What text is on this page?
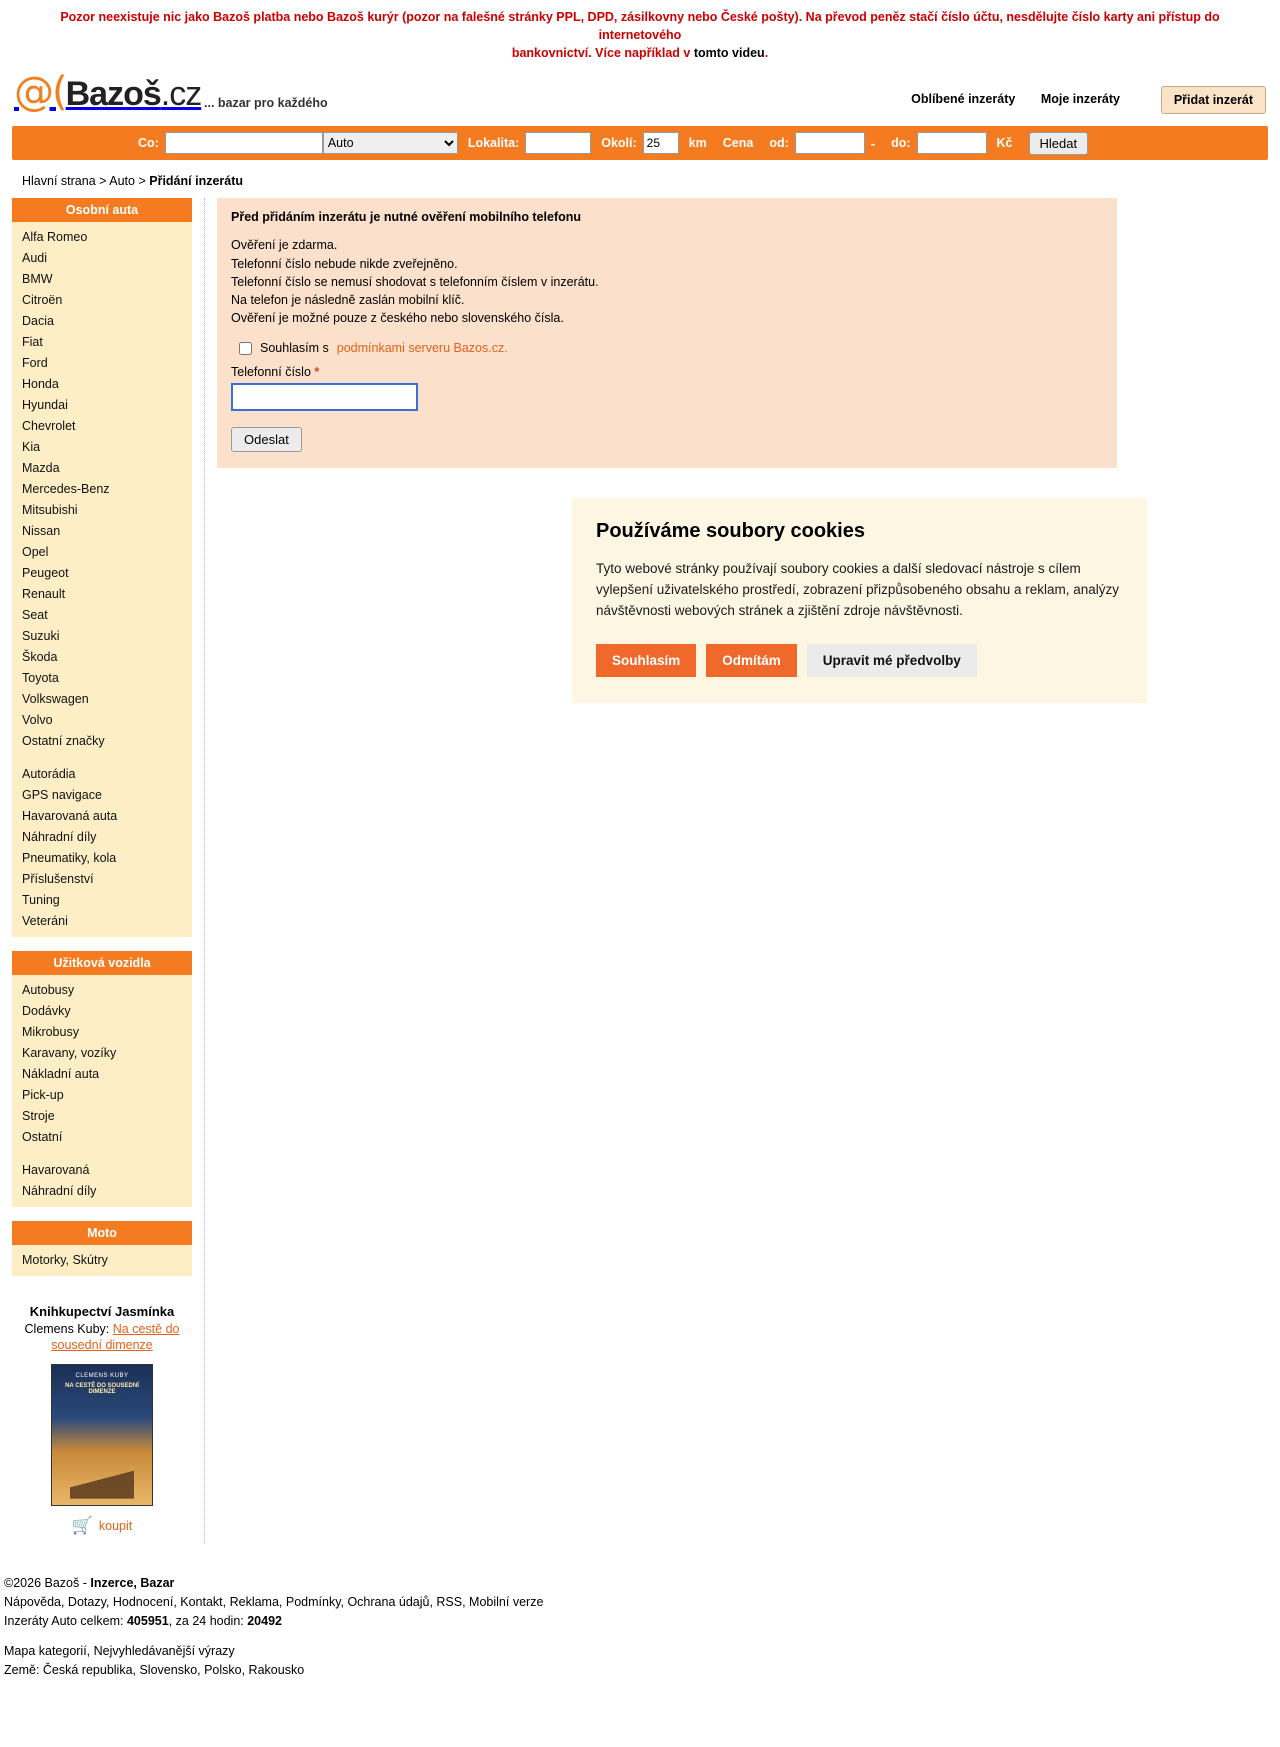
Pozor neexistuje nic jako Bazoš platba nebo Bazoš kurýr (pozor na falešné stránky PPL, DPD, zásilkovny nebo České pošty). Na převod peněz stačí číslo účtu, nesdělujte číslo karty ani přístup do internetového
bankovnictví. Více například v tomto videu.
@( Bazoš.cz ... bazar pro každého	Oblíbené inzeráty Moje inzeráty	Přidat inzerát
Co:
Auto	Lokalita:	Okolí:
25	km Cena od:	- do:	Kč	Hledat
Hlavní strana > Auto > Přidání inzerátu
Osobní auta
Alfa Romeo
Audi
BMW
Citroën
Dacia
Fiat
Ford
Honda
Hyundai
Chevrolet
Kia
Mazda
Mercedes-Benz
Mitsubishi
Nissan
Opel
Peugeot
Renault
Seat
Suzuki
Škoda
Toyota
Volkswagen
Volvo
Ostatní značky
Autorádia
GPS navigace
Havarovaná auta
Náhradní díly
Pneumatiky, kola
Příslušenství
Tuning
Veteráni
Užitková vozidla
Autobusy
Dodávky
Mikrobusy
Karavany, vozíky
Nákladní auta
Pick-up
Stroje
Ostatní
Havarovaná
Náhradní díly
Moto
Motorky, Skútry
Knihkupectví Jasmínka
Clemens Kuby: Na cestě do sousední dimenze
CLEMENS KUBY
NA CESTĚ DO SOUSEDNÍ DIMENZE
🛒 koupit
Před přidáním inzerátu je nutné ověření mobilního telefonu
Ověření je zdarma.
Telefonní číslo nebude nikde zveřejněno.
Telefonní číslo se nemusí shodovat s telefonním číslem v inzerátu.
Na telefon je následně zaslán mobilní klíč.
Ověření je možné pouze z českého nebo slovenského čísla.
Souhlasím s podmínkami serveru Bazos.cz.
Telefonní číslo *
Odeslat
Používáme soubory cookies

Tyto webové stránky používají soubory cookies a další sledovací nástroje s cílem vylepšení uživatelského prostředí, zobrazení přizpůsobeného obsahu a reklam, analýzy návštěvnosti webových stránek a zjištění zdroje návštěvnosti.

Souhlasím	Odmítám	Upravit mé předvolby
©2026 Bazoš - Inzerce, Bazar
Nápověda, Dotazy, Hodnocení, Kontakt, Reklama, Podmínky, Ochrana údajů, RSS, Mobilní verze
Inzeráty Auto celkem: 405951, za 24 hodin: 20492
Mapa kategorií, Nejvyhledávanější výrazy
Země: Česká republika, Slovensko, Polsko, Rakousko
